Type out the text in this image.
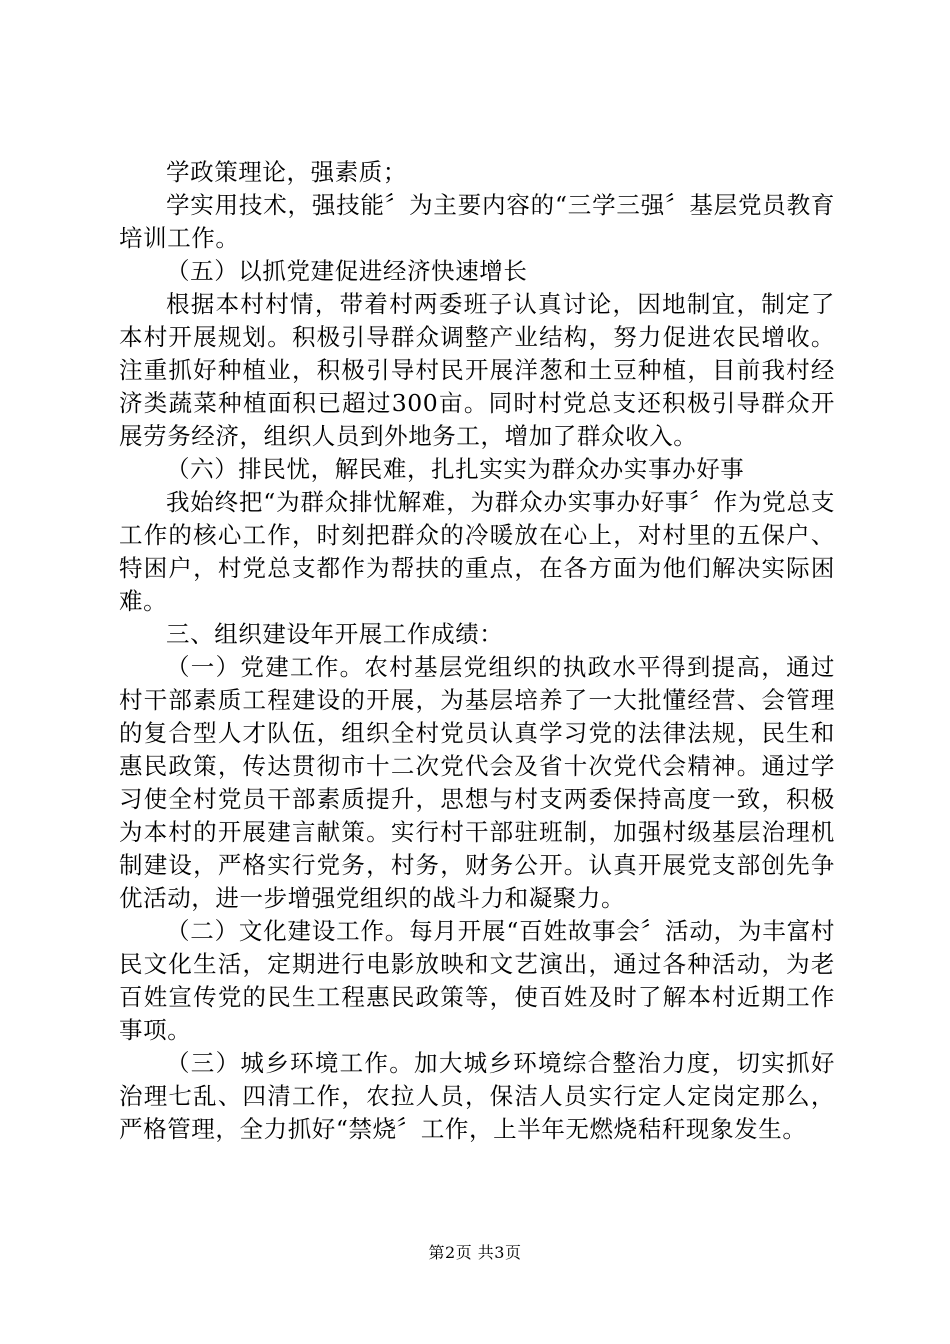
学政策理论，强素质；

学实用技术，强技能〞为主要内容的“三学三强〞基层党员教育培训工作。

（五）以抓党建促进经济快速增长

根据本村村情，带着村两委班子认真讨论，因地制宜，制定了本村开展规划。积极引导群众调整产业结构，努力促进农民增收。注重抓好种植业，积极引导村民开展洋葱和土豆种植，目前我村经济类蔬菜种植面积已超过300亩。同时村党总支还积极引导群众开展劳务经济，组织人员到外地务工，增加了群众收入。

（六）排民忧，解民难，扎扎实实为群众办实事办好事

我始终把“为群众排忧解难，为群众办实事办好事〞作为党总支工作的核心工作，时刻把群众的冷暖放在心上，对村里的五保户、特困户，村党总支都作为帮扶的重点，在各方面为他们解决实际困难。

三、组织建设年开展工作成绩：

（一）党建工作。农村基层党组织的执政水平得到提高，通过村干部素质工程建设的开展，为基层培养了一大批懂经营、会管理的复合型人才队伍，组织全村党员认真学习党的法律法规，民生和惠民政策，传达贯彻市十二次党代会及省十次党代会精神。通过学习使全村党员干部素质提升，思想与村支两委保持高度一致，积极为本村的开展建言献策。实行村干部驻班制，加强村级基层治理机制建设，严格实行党务，村务，财务公开。认真开展党支部创先争优活动，进一步增强党组织的战斗力和凝聚力。

（二）文化建设工作。每月开展“百姓故事会〞活动，为丰富村民文化生活，定期进行电影放映和文艺演出，通过各种活动，为老百姓宣传党的民生工程惠民政策等，使百姓及时了解本村近期工作事项。

（三）城乡环境工作。加大城乡环境综合整治力度，切实抓好治理七乱、四清工作，农拉人员，保洁人员实行定人定岗定那么，严格管理，全力抓好“禁烧〞工作，上半年无燃烧秸秆现象发生。

第2页 共3页
